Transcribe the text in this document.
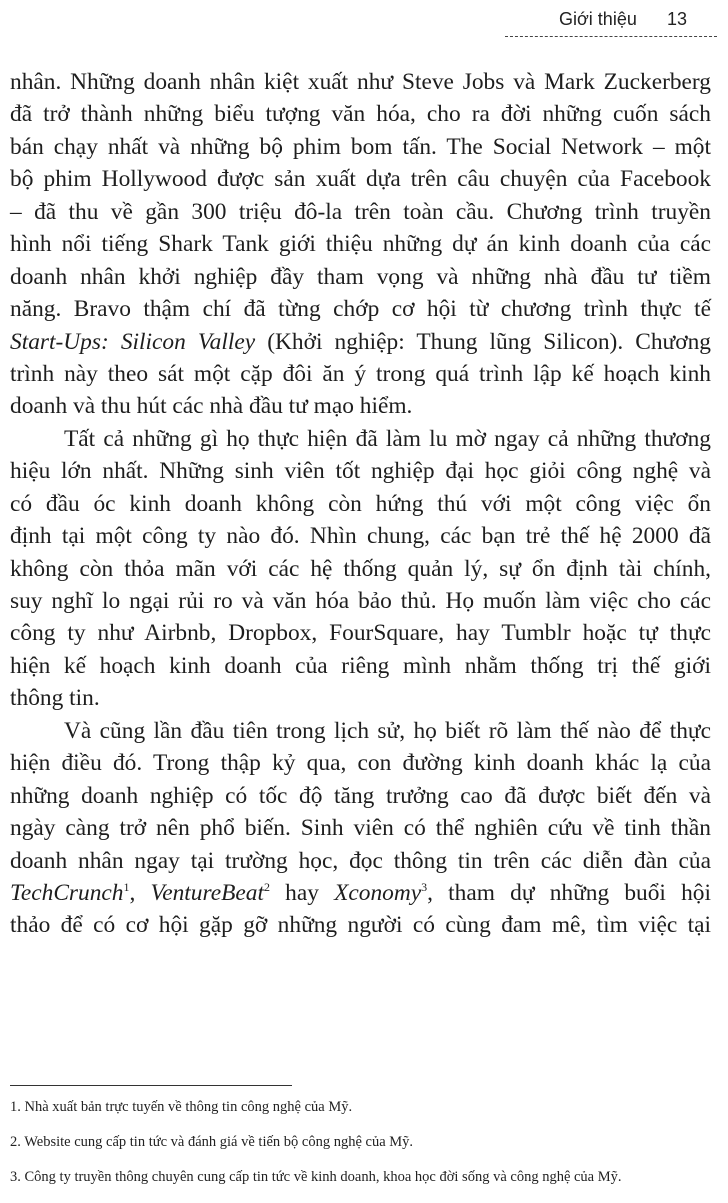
Giới thiệu 13
nhân. Những doanh nhân kiệt xuất như Steve Jobs và Mark Zuckerberg
đã trở thành những biểu tượng văn hóa, cho ra đời những cuốn sách
bán chạy nhất và những bộ phim bom tấn. The Social Network – một
bộ phim Hollywood được sản xuất dựa trên câu chuyện của Facebook
– đã thu về gần 300 triệu đô-la trên toàn cầu. Chương trình truyền
hình nổi tiếng Shark Tank giới thiệu những dự án kinh doanh của các
doanh nhân khởi nghiệp đầy tham vọng và những nhà đầu tư tiềm
năng. Bravo thậm chí đã từng chớp cơ hội từ chương trình thực tế
Start-Ups: Silicon Valley (Khởi nghiệp: Thung lũng Silicon). Chương
trình này theo sát một cặp đôi ăn ý trong quá trình lập kế hoạch kinh
doanh và thu hút các nhà đầu tư mạo hiểm.
Tất cả những gì họ thực hiện đã làm lu mờ ngay cả những thương
hiệu lớn nhất. Những sinh viên tốt nghiệp đại học giỏi công nghệ và
có đầu óc kinh doanh không còn hứng thú với một công việc ổn
định tại một công ty nào đó. Nhìn chung, các bạn trẻ thế hệ 2000 đã
không còn thỏa mãn với các hệ thống quản lý, sự ổn định tài chính,
suy nghĩ lo ngại rủi ro và văn hóa bảo thủ. Họ muốn làm việc cho các
công ty như Airbnb, Dropbox, FourSquare, hay Tumblr hoặc tự thực
hiện kế hoạch kinh doanh của riêng mình nhằm thống trị thế giới
thông tin.
Và cũng lần đầu tiên trong lịch sử, họ biết rõ làm thế nào để thực
hiện điều đó. Trong thập kỷ qua, con đường kinh doanh khác lạ của
những doanh nghiệp có tốc độ tăng trưởng cao đã được biết đến và
ngày càng trở nên phổ biến. Sinh viên có thể nghiên cứu về tinh thần
doanh nhân ngay tại trường học, đọc thông tin trên các diễn đàn của
TechCrunch$^1$, VentureBeat$^2$ hay Xconomy$^3$, tham dự những buổi hội
thảo để có cơ hội gặp gỡ những người có cùng đam mê, tìm việc tại
1. Nhà xuất bản trực tuyến về thông tin công nghệ của Mỹ.
2. Website cung cấp tin tức và đánh giá về tiến bộ công nghệ của Mỹ.
3. Công ty truyền thông chuyên cung cấp tin tức về kinh doanh, khoa học đời sống và công nghệ của Mỹ.
